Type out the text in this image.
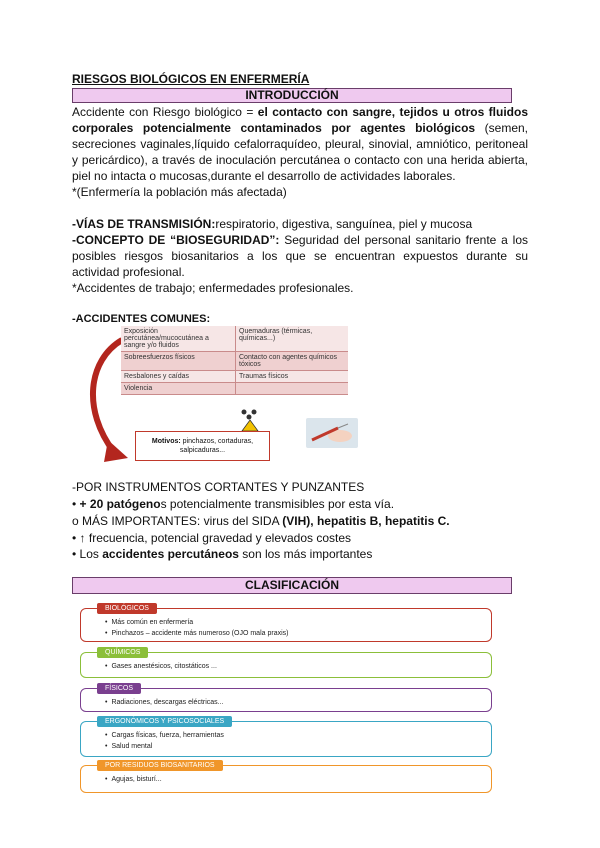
RIESGOS BIOLÓGICOS EN ENFERMERÍA
INTRODUCCIÓN
Accidente con Riesgo biológico = el contacto con sangre, tejidos u otros fluidos corporales potencialmente contaminados por agentes biológicos (semen, secreciones vaginales,líquido cefalorraquídeo, pleural, sinovial, amniótico, peritoneal y pericárdico), a través de inoculación percutánea o contacto con una herida abierta, piel no intacta o mucosas,durante el desarrollo de actividades laborales.
*(Enfermería la población más afectada)
-VÍAS DE TRANSMISIÓN:respiratorio, digestiva, sanguínea, piel y mucosa
-CONCEPTO DE “BIOSEGURIDAD”: Seguridad del personal sanitario frente a los posibles riesgos biosanitarios a los que se encuentran expuestos durante su actividad profesional.
*Accidentes de trabajo; enfermedades profesionales.
-ACCIDENTES COMUNES:
Exposición percutánea/mucocutánea a sangre y/o fluidos	Quemaduras (térmicas, químicas...)
Sobreesfuerzos físicos	Contacto con agentes químicos tóxicos
Resbalones y caídas	Traumas físicos
Violencia	
Motivos: pinchazos, cortaduras, salpicaduras...
-POR INSTRUMENTOS CORTANTES Y PUNZANTES
• + 20 patógenos potencialmente transmisibles por esta vía.
o MÁS IMPORTANTES: virus del SIDA (VIH), hepatitis B, hepatitis C.
• ↑ frecuencia, potencial gravedad y elevados costes
• Los accidentes percutáneos son los más importantes
CLASIFICACIÓN
BIOLÓGICOS
• Más común en enfermería
• Pinchazos – accidente más numeroso (OJO mala praxis)
QUÍMICOS
• Gases anestésicos, citostáticos ...
FÍSICOS
• Radiaciones, descargas eléctricas...
ERGONÓMICOS Y PSICOSOCIALES
• Cargas físicas, fuerza, herramientas
• Salud mental
POR RESIDUOS BIOSANITARIOS
• Agujas, bisturí...
